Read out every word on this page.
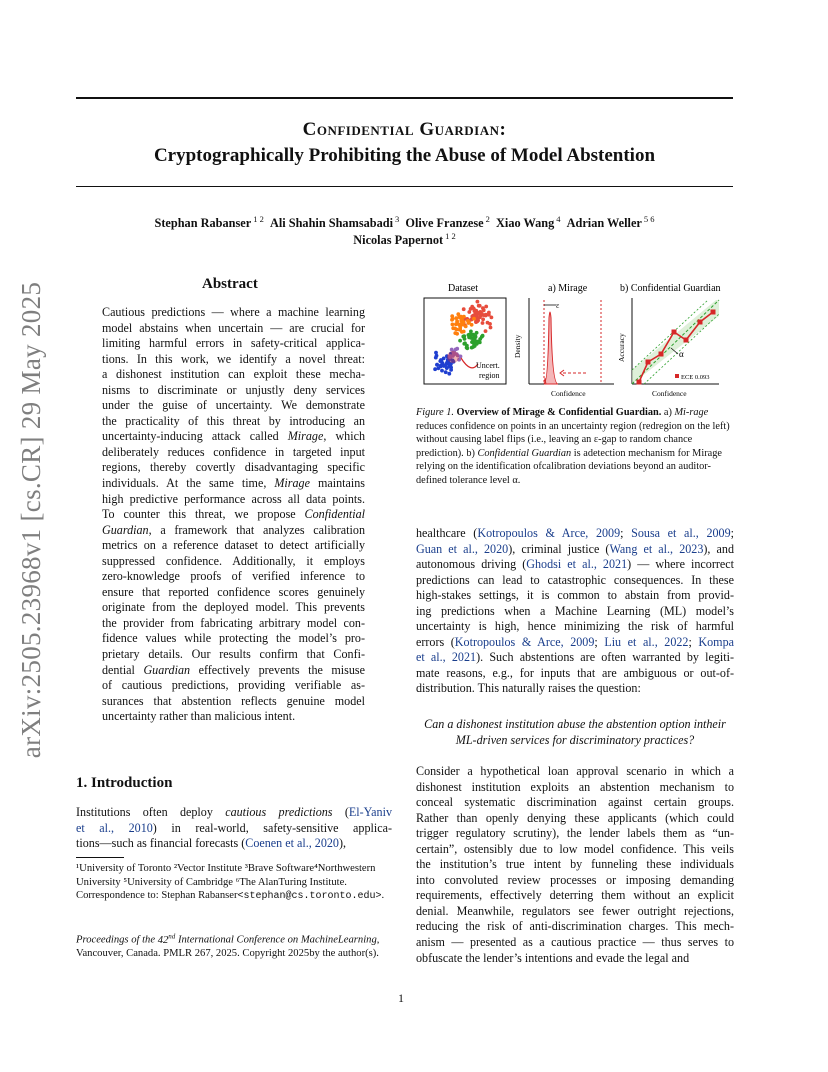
arXiv:2505.23968v1 [cs.CR] 29 May 2025
Confidential Guardian:
Cryptographically Prohibiting the Abuse of Model Abstention
Stephan Rabanser $^{1 2}$ Ali Shahin Shamsabadi $^3$ Olive Franzese $^2$ Xiao Wang $^4$ Adrian Weller $^{5 6}$
Nicolas Papernot $^{1 2}$
Abstract
Cautious predictions — where a machine learning
model abstains when uncertain — are crucial for
limiting harmful errors in safety-critical applica-
tions. In this work, we identify a novel threat:
a dishonest institution can exploit these mecha-
nisms to discriminate or unjustly deny services
under the guise of uncertainty. We demonstrate
the practicality of this threat by introducing an
uncertainty-inducing attack called Mirage, which
deliberately reduces confidence in targeted input
regions, thereby covertly disadvantaging specific
individuals. At the same time, Mirage maintains
high predictive performance across all data points.
To counter this threat, we propose Confidential
Guardian, a framework that analyzes calibration
metrics on a reference dataset to detect artificially
suppressed confidence. Additionally, it employs
zero-knowledge proofs of verified inference to
ensure that reported confidence scores genuinely
originate from the deployed model. This prevents
the provider from fabricating arbitrary model con-
fidence values while protecting the model’s pro-
prietary details. Our results confirm that Confi-
dential Guardian effectively prevents the misuse
of cautious predictions, providing verifiable as-
surances that abstention reflects genuine model
uncertainty rather than malicious intent.
1. Introduction
Institutions often deploy cautious predictions (El-Yaniv
et al., 2010) in real-world, safety-sensitive applica-
tions—such as financial forecasts (Coenen et al., 2020),
¹University of Toronto ²Vector Institute ³Brave Software⁴Northwestern University ⁵University of Cambridge ⁶The AlanTuring Institute. Correspondence to: Stephan Rabanser<stephan@cs.toronto.edu>.
Proceedings of the 42nd International Conference on MachineLearning, Vancouver, Canada. PMLR 267, 2025. Copyright 2025by the author(s).
Dataset	a) Mirage	b) Confidential Guardian
Uncert.
region
Density
ε
Confidence
Accuracy	α
ECE 0.093
Confidence
Figure 1. Overview of Mirage & Confidential Guardian. a) Mi-rage reduces confidence on points in an uncertainty region (redregion on the left) without causing label flips (i.e., leaving an ε-gap to random chance prediction). b) Confidential Guardian is adetection mechanism for Mirage relying on the identification ofcalibration deviations beyond an auditor-defined tolerance level α.
healthcare (Kotropoulos & Arce, 2009; Sousa et al., 2009;
Guan et al., 2020), criminal justice (Wang et al., 2023), and
autonomous driving (Ghodsi et al., 2021) — where incorrect
predictions can lead to catastrophic consequences. In these
high-stakes settings, it is common to abstain from provid-
ing predictions when a Machine Learning (ML) model’s
uncertainty is high, hence minimizing the risk of harmful
errors (Kotropoulos & Arce, 2009; Liu et al., 2022; Kompa
et al., 2021). Such abstentions are often warranted by legiti-
mate reasons, e.g., for inputs that are ambiguous or out-of-
distribution. This naturally raises the question:
Can a dishonest institution abuse the abstention option intheir ML-driven services for discriminatory practices?
Consider a hypothetical loan approval scenario in which a
dishonest institution exploits an abstention mechanism to
conceal systematic discrimination against certain groups.
Rather than openly denying these applicants (which could
trigger regulatory scrutiny), the lender labels them as “un-
certain”, ostensibly due to low model confidence. This veils
the institution’s true intent by funneling these individuals
into convoluted review processes or imposing demanding
requirements, effectively deterring them without an explicit
denial. Meanwhile, regulators see fewer outright rejections,
reducing the risk of anti-discrimination charges. This mech-
anism — presented as a cautious practice — thus serves to
obfuscate the lender’s intentions and evade the legal and
1
